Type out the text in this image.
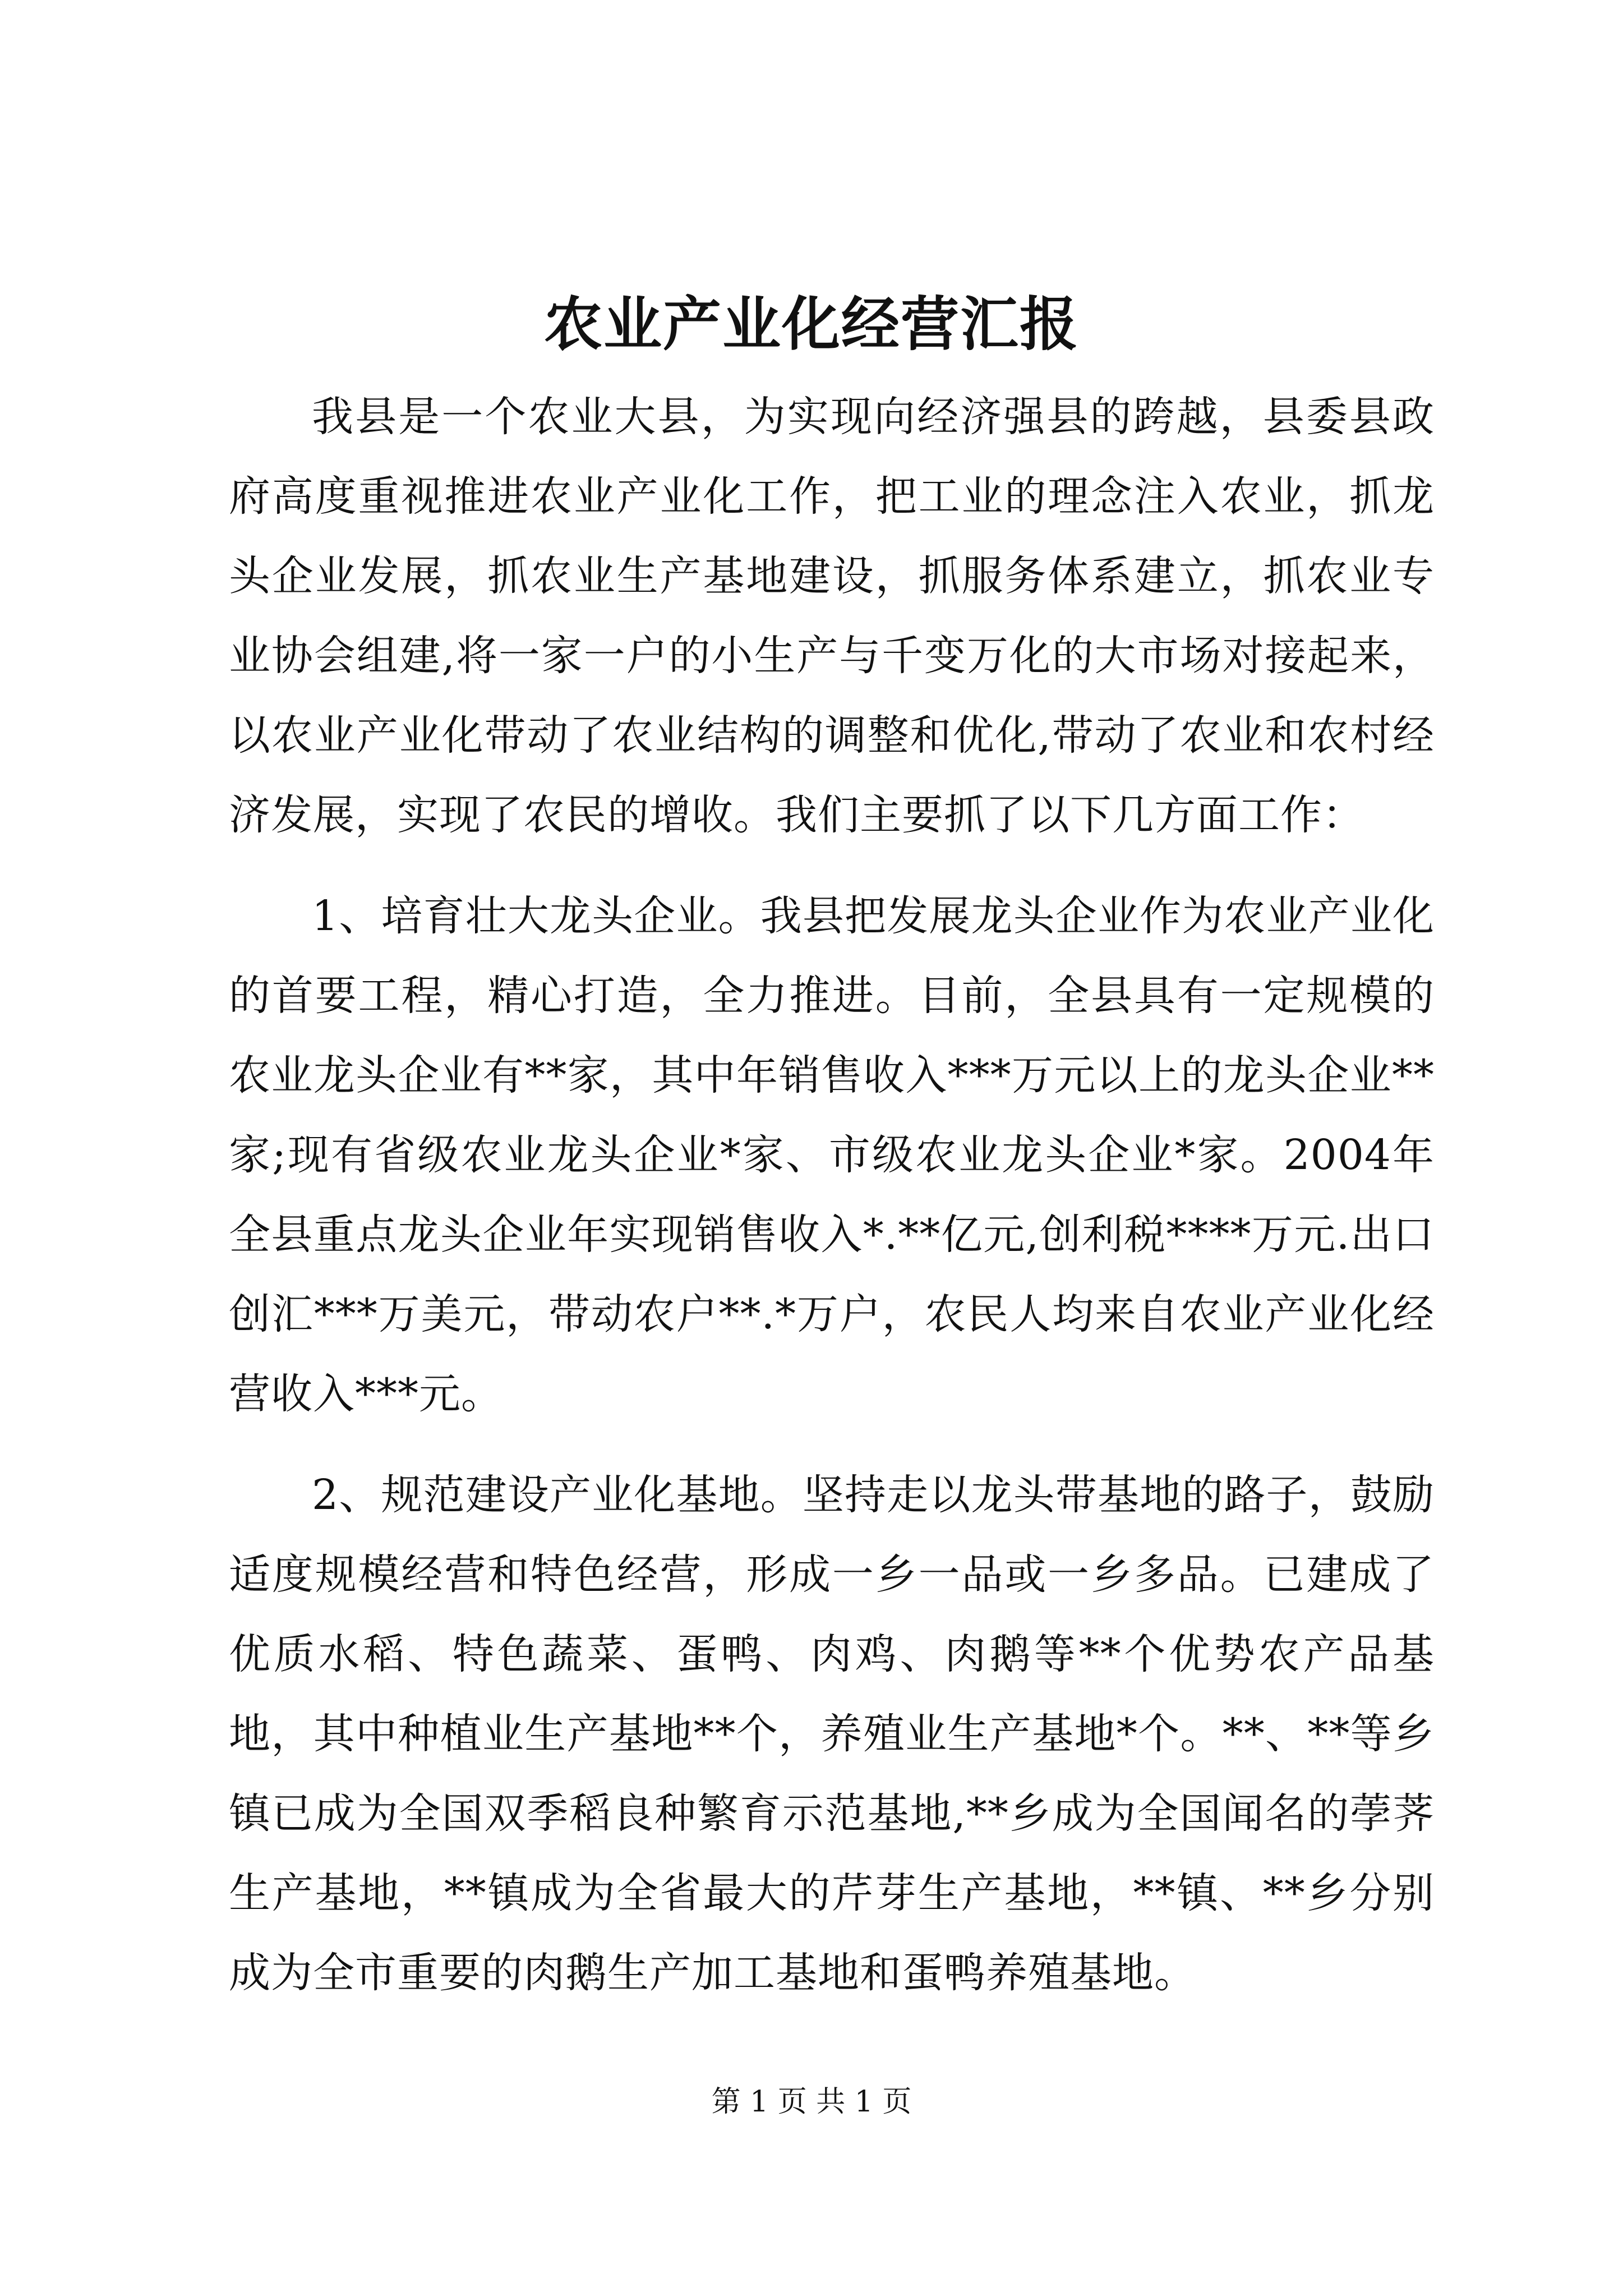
农业产业化经营汇报

我县是一个农业大县，为实现向经济强县的跨越，县委县政府高度重视推进农业产业化工作，把工业的理念注入农业，抓龙头企业发展，抓农业生产基地建设，抓服务体系建立，抓农业专业协会组建,将一家一户的小生产与千变万化的大市场对接起来，以农业产业化带动了农业结构的调整和优化,带动了农业和农村经济发展，实现了农民的增收。我们主要抓了以下几方面工作：

1、培育壮大龙头企业。我县把发展龙头企业作为农业产业化的首要工程，精心打造，全力推进。目前，全县具有一定规模的农业龙头企业有**家，其中年销售收入***万元以上的龙头企业**家;现有省级农业龙头企业*家、市级农业龙头企业*家。2004年全县重点龙头企业年实现销售收入*.**亿元,创利税****万元.出口创汇***万美元，带动农户**.*万户，农民人均来自农业产业化经营收入***元。

2、规范建设产业化基地。坚持走以龙头带基地的路子，鼓励适度规模经营和特色经营，形成一乡一品或一乡多品。已建成了优质水稻、特色蔬菜、蛋鸭、肉鸡、肉鹅等**个优势农产品基地，其中种植业生产基地**个，养殖业生产基地*个。**、**等乡镇已成为全国双季稻良种繁育示范基地,**乡成为全国闻名的荸荠生产基地，**镇成为全省最大的芹芽生产基地，**镇、**乡分别成为全市重要的肉鹅生产加工基地和蛋鸭养殖基地。

第 1 页 共 1 页
